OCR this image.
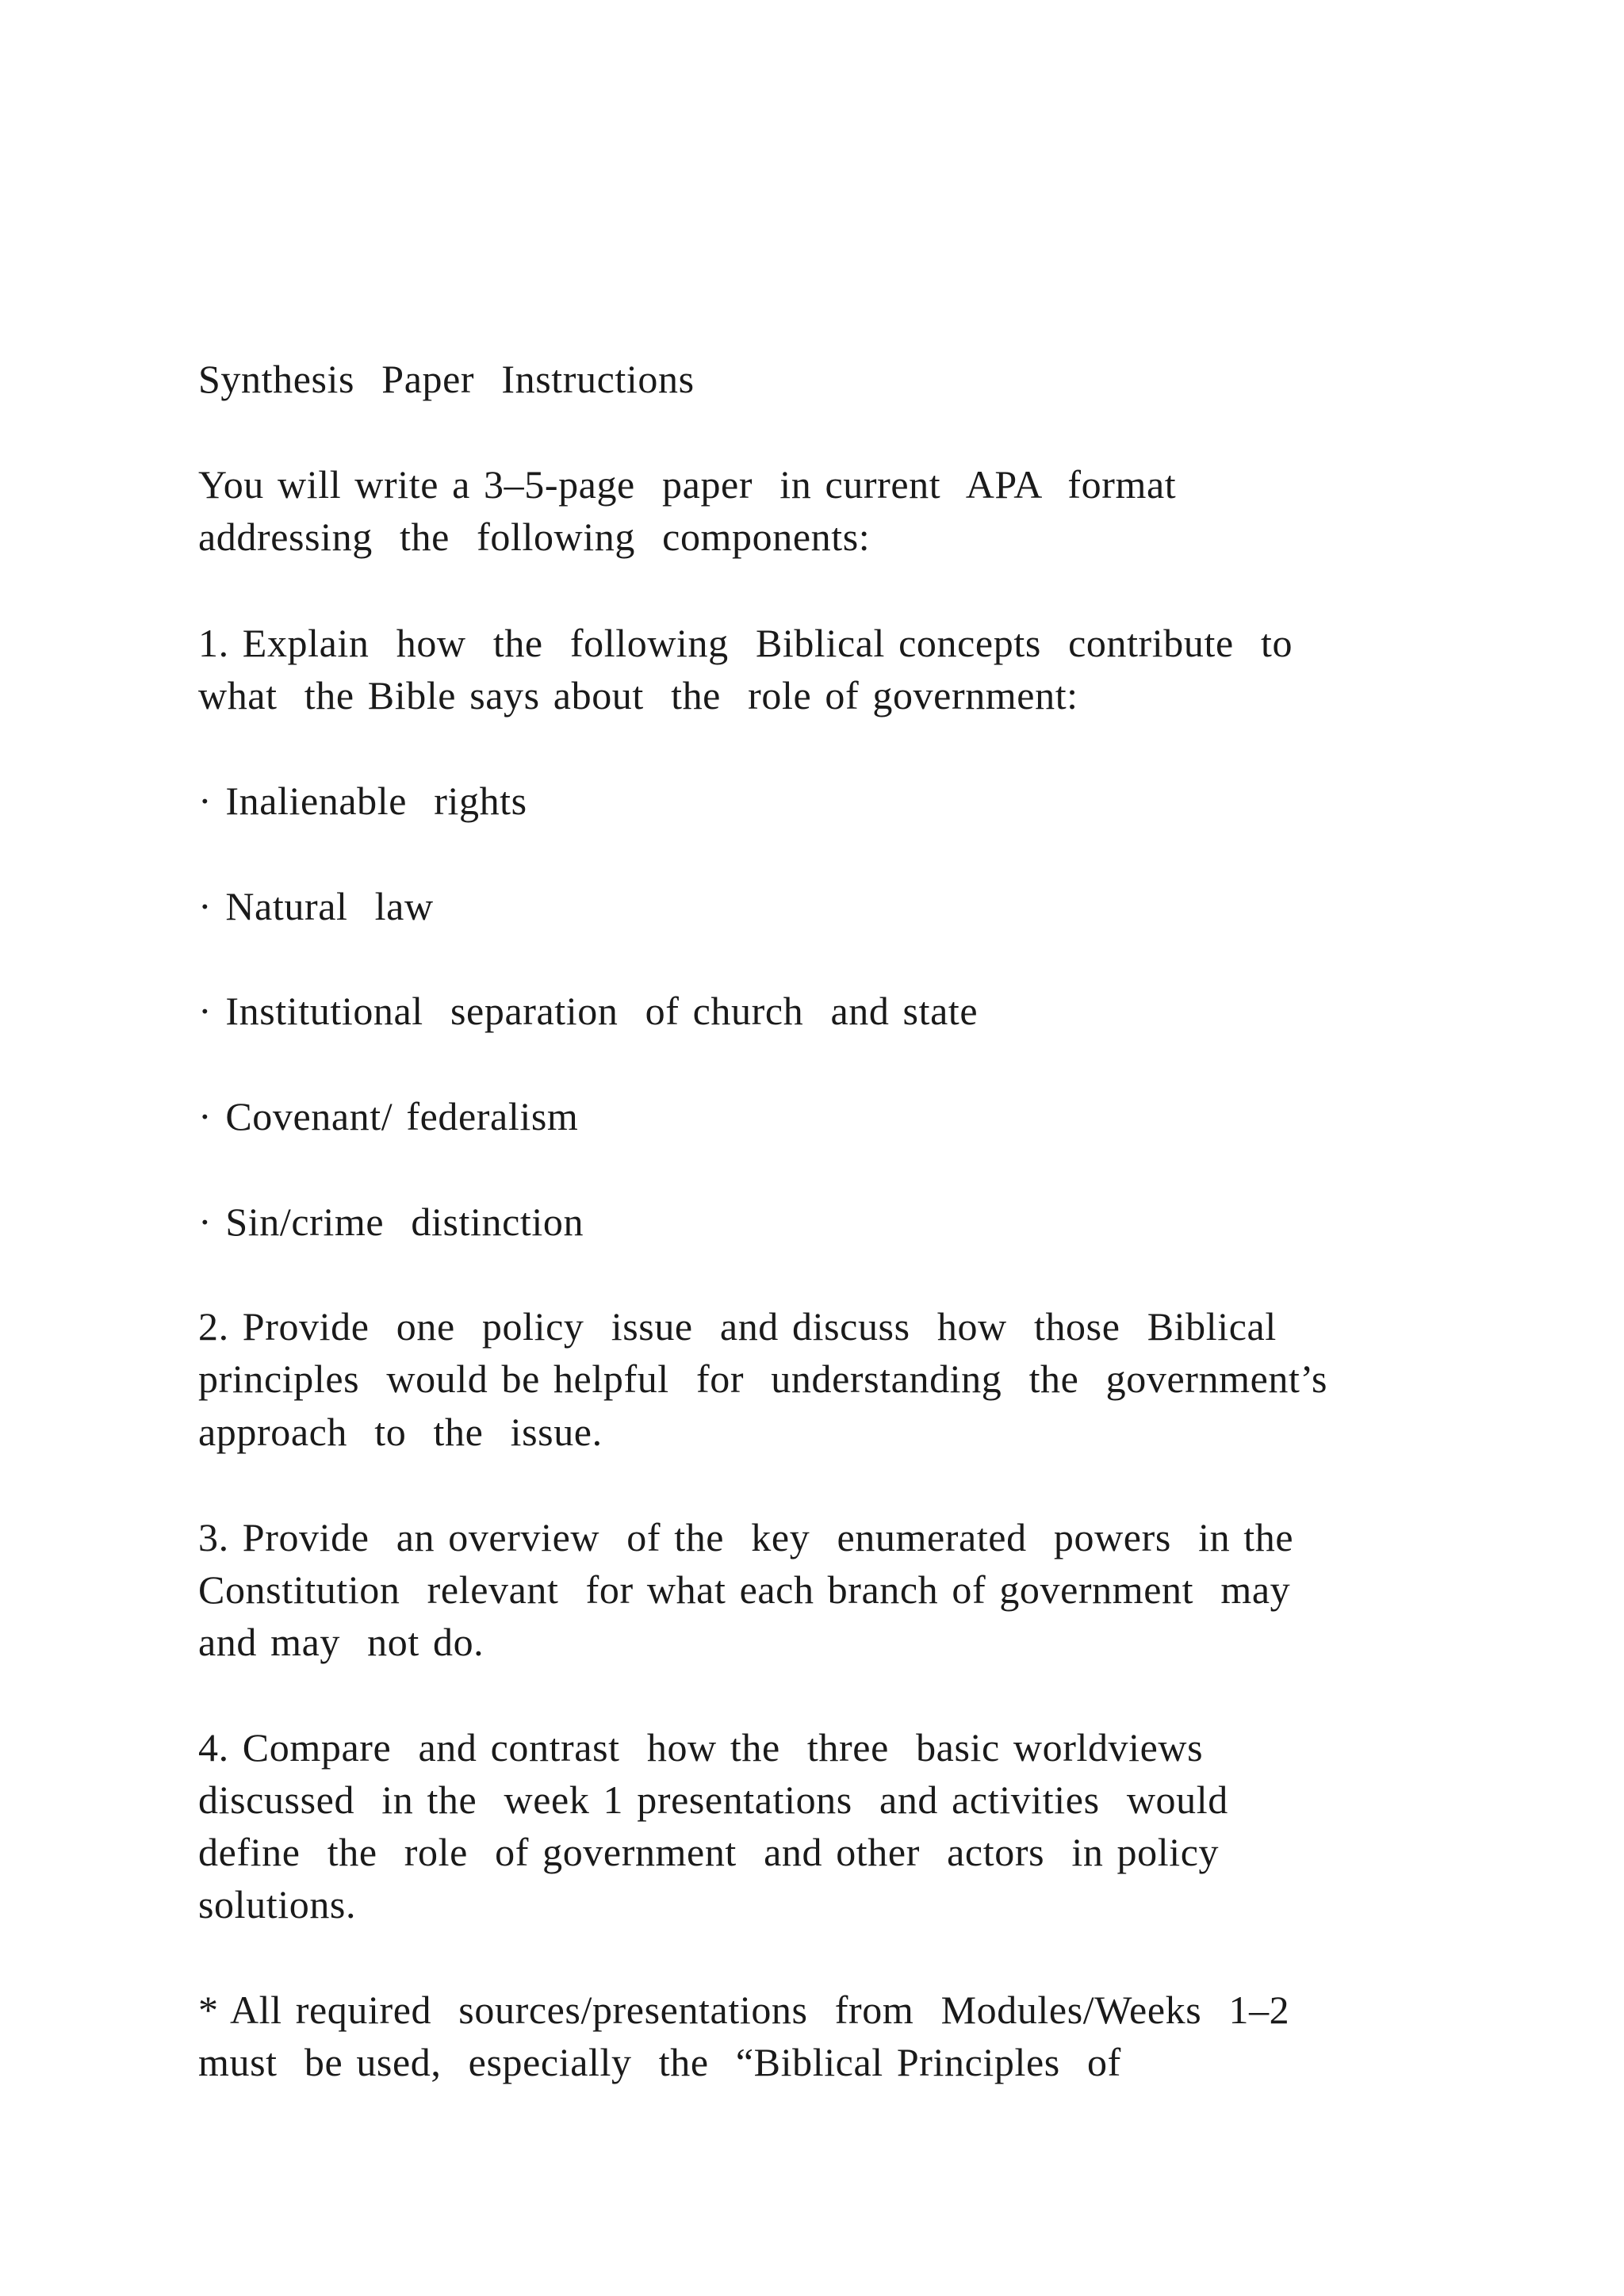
Synthesis  Paper  Instructions
You will write a 3–5-page  paper  in current  APA  format
addressing  the  following  components:
1. Explain  how  the  following  Biblical concepts  contribute  to
what  the Bible says about  the  role of government:
· Inalienable  rights
· Natural  law
· Institutional  separation  of church  and state
· Covenant/ federalism
· Sin/crime  distinction
2. Provide  one  policy  issue  and discuss  how  those  Biblical
principles  would be helpful  for  understanding  the  government’s
approach  to  the  issue.
3. Provide  an overview  of the  key  enumerated  powers  in the
Constitution  relevant  for what each branch of government  may
and may  not do.
4. Compare  and contrast  how the  three  basic worldviews
discussed  in the  week 1 presentations  and activities  would
define  the  role  of government  and other  actors  in policy
solutions.
* All required  sources/presentations  from  Modules/Weeks  1–2
must  be used,  especially  the  “Biblical Principles  of
